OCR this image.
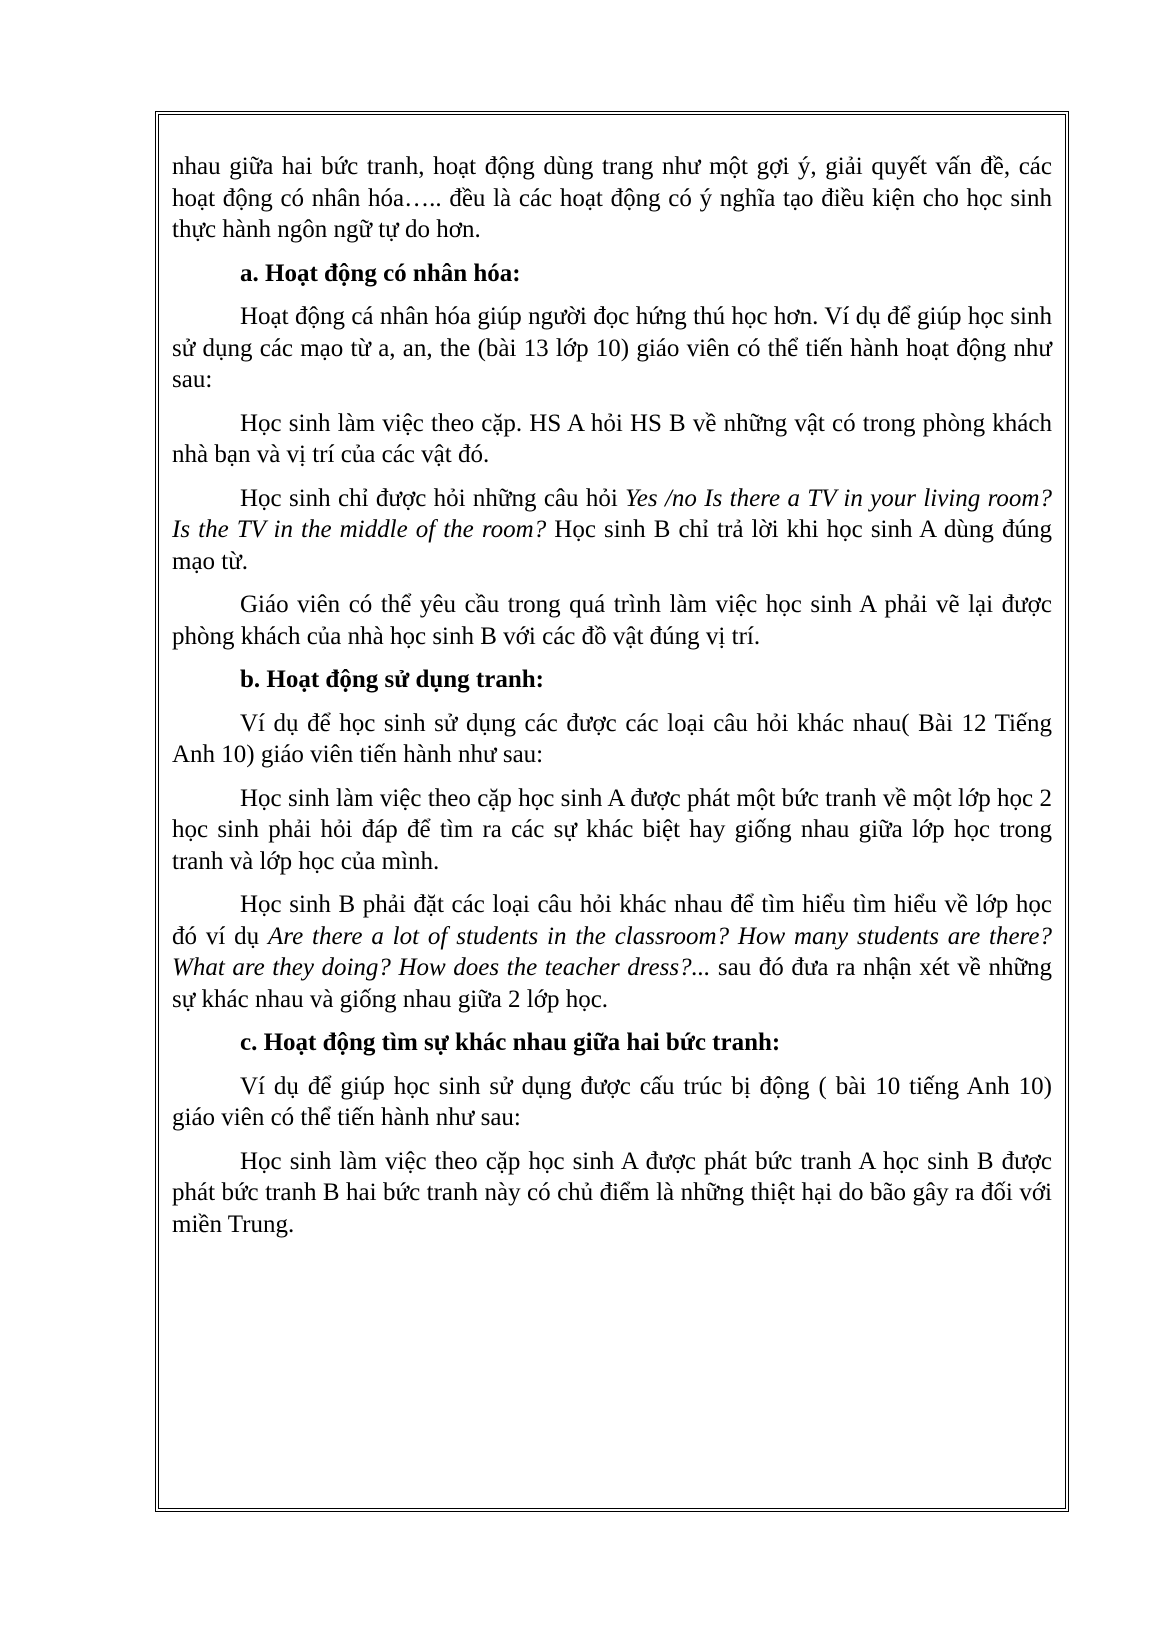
nhau giữa hai bức tranh, hoạt động dùng trang như một gợi ý, giải quyết vấn đề, các hoạt động có nhân hóa….. đều là các hoạt động có ý nghĩa tạo điều kiện cho học sinh thực hành ngôn ngữ tự do hơn.

a. Hoạt động có nhân hóa:

Hoạt động cá nhân hóa giúp người đọc hứng thú học hơn. Ví dụ để giúp học sinh sử dụng các mạo từ a, an, the (bài 13 lớp 10) giáo viên có thể tiến hành hoạt động như sau:

Học sinh làm việc theo cặp. HS A hỏi HS B về những vật có trong phòng khách nhà bạn và vị trí của các vật đó.

Học sinh chỉ được hỏi những câu hỏi Yes /no Is there a TV in your living room? Is the TV in the middle of the room? Học sinh B chỉ trả lời khi học sinh A dùng đúng mạo từ.

Giáo viên có thể yêu cầu trong quá trình làm việc học sinh A phải vẽ lại được phòng khách của nhà học sinh B với các đồ vật đúng vị trí.

b. Hoạt động sử dụng tranh:

Ví dụ để học sinh sử dụng các được các loại câu hỏi khác nhau( Bài 12 Tiếng Anh 10) giáo viên tiến hành như sau:

Học sinh làm việc theo cặp học sinh A được phát một bức tranh về một lớp học 2 học sinh phải hỏi đáp để tìm ra các sự khác biệt hay giống nhau giữa lớp học trong tranh và lớp học của mình.

Học sinh B phải đặt các loại câu hỏi khác nhau để tìm hiểu tìm hiểu về lớp học đó ví dụ Are there a lot of students in the classroom? How many students are there? What are they doing? How does the teacher dress?... sau đó đưa ra nhận xét về những sự khác nhau và giống nhau giữa 2 lớp học.

c. Hoạt động tìm sự khác nhau giữa hai bức tranh:

Ví dụ để giúp học sinh sử dụng được cấu trúc bị động ( bài 10 tiếng Anh 10) giáo viên có thể tiến hành như sau:

Học sinh làm việc theo cặp học sinh A được phát bức tranh A học sinh B được phát bức tranh B hai bức tranh này có chủ điểm là những thiệt hại do bão gây ra đối với miền Trung.
